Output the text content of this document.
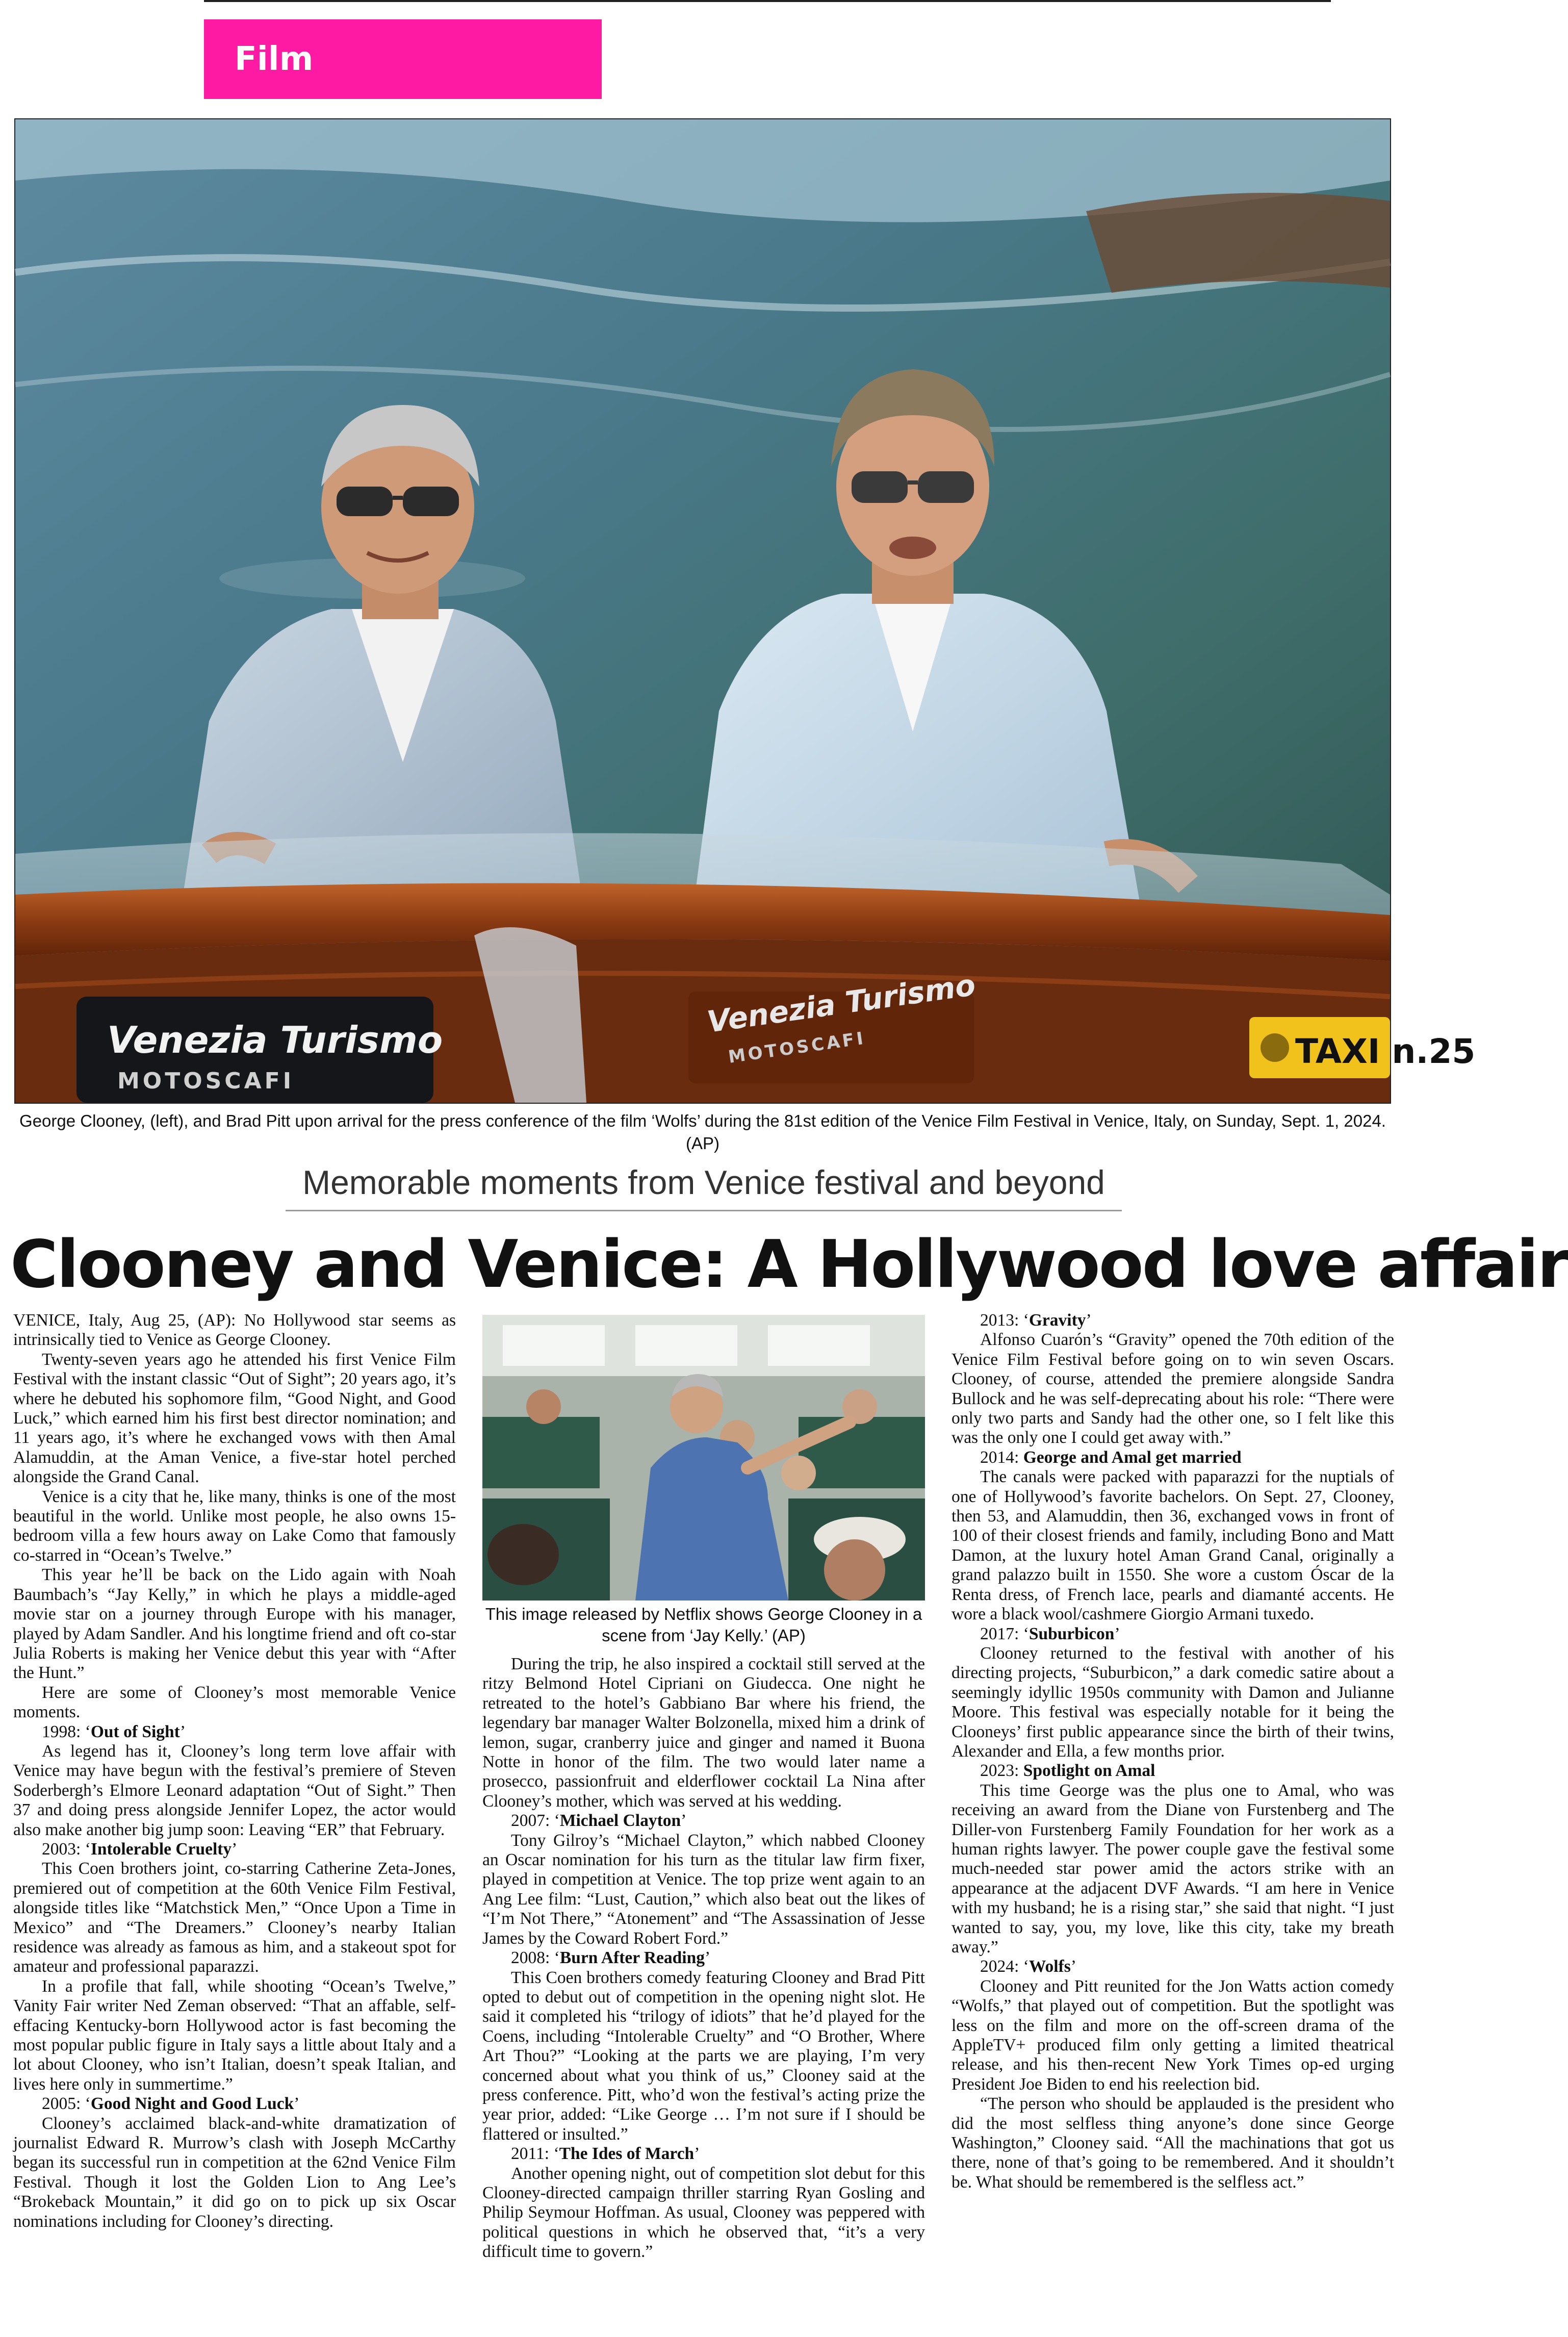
Film
Venezia Turismo
MOTOSCAFI
Venezia Turismo
MOTOSCAFI	TAXI n.25
George Clooney, (left), and Brad Pitt upon arrival for the press conference of the film ‘Wolfs’ during the 81st edition of the Venice Film Festival in Venice, Italy, on Sunday, Sept. 1, 2024. (AP)
Memorable moments from Venice festival and beyond
Clooney and Venice: A Hollywood love affair

VENICE, Italy, Aug 25, (AP): No Hollywood star seems as intrinsically tied to Venice as George Clooney.

Twenty-seven years ago he attended his first Venice Film Festival with the instant classic “Out of Sight”; 20 years ago, it’s where he debuted his sophomore film, “Good Night, and Good Luck,” which earned him his first best director nomination; and 11 years ago, it’s where he exchanged vows with then Amal Alamuddin, at the Aman Venice, a five-star hotel perched alongside the Grand Canal.

Venice is a city that he, like many, thinks is one of the most beautiful in the world. Unlike most people, he also owns 15-bedroom villa a few hours away on Lake Como that famously co-starred in “Ocean’s Twelve.”

This year he’ll be back on the Lido again with Noah Baumbach’s “Jay Kelly,” in which he plays a middle-aged movie star on a journey through Europe with his manager, played by Adam Sandler. And his longtime friend and oft co-star Julia Roberts is making her Venice debut this year with “After the Hunt.”

Here are some of Clooney’s most memorable Venice moments.

1998: ‘Out of Sight’

As legend has it, Clooney’s long term love affair with Venice may have begun with the festival’s premiere of Steven Soderbergh’s Elmore Leonard adaptation “Out of Sight.” Then 37 and doing press alongside Jennifer Lopez, the actor would also make another big jump soon: Leaving “ER” that February.

2003: ‘Intolerable Cruelty’

This Coen brothers joint, co-starring Catherine Zeta-Jones, premiered out of competition at the 60th Venice Film Festival, alongside titles like “Matchstick Men,” “Once Upon a Time in Mexico” and “The Dreamers.” Clooney’s nearby Italian residence was already as famous as him, and a stakeout spot for amateur and professional paparazzi.

In a profile that fall, while shooting “Ocean’s Twelve,” Vanity Fair writer Ned Zeman observed: “That an affable, self-effacing Kentucky-born Hollywood actor is fast becoming the most popular public figure in Italy says a little about Italy and a lot about Clooney, who isn’t Italian, doesn’t speak Italian, and lives here only in summertime.”

2005: ‘Good Night and Good Luck’

Clooney’s acclaimed black-and-white dramatization of journalist Edward R. Murrow’s clash with Joseph McCarthy began its successful run in competition at the 62nd Venice Film Festival. Though it lost the Golden Lion to Ang Lee’s “Brokeback Mountain,” it did go on to pick up six Oscar nominations including for Clooney’s directing.

This image released by Netflix shows George Clooney in a scene from ‘Jay Kelly.’ (AP)

During the trip, he also inspired a cocktail still served at the ritzy Belmond Hotel Cipriani on Giudecca. One night he retreated to the hotel’s Gabbiano Bar where his friend, the legendary bar manager Walter Bolzonella, mixed him a drink of lemon, sugar, cranberry juice and ginger and named it Buona Notte in honor of the film. The two would later name a prosecco, passionfruit and elderflower cocktail La Nina after Clooney’s mother, which was served at his wedding.

2007: ‘Michael Clayton’

Tony Gilroy’s “Michael Clayton,” which nabbed Clooney an Oscar nomination for his turn as the titular law firm fixer, played in competition at Venice. The top prize went again to an Ang Lee film: “Lust, Caution,” which also beat out the likes of “I’m Not There,” “Atonement” and “The Assassination of Jesse James by the Coward Robert Ford.”

2008: ‘Burn After Reading’

This Coen brothers comedy featuring Clooney and Brad Pitt opted to debut out of competition in the opening night slot. He said it completed his “trilogy of idiots” that he’d played for the Coens, including “Intolerable Cruelty” and “O Brother, Where Art Thou?” “Looking at the parts we are playing, I’m very concerned about what you think of us,” Clooney said at the press conference. Pitt, who’d won the festival’s acting prize the year prior, added: “Like George … I’m not sure if I should be flattered or insulted.”

2011: ‘The Ides of March’

Another opening night, out of competition slot debut for this Clooney-directed campaign thriller starring Ryan Gosling and Philip Seymour Hoffman. As usual, Clooney was peppered with political questions in which he observed that, “it’s a very difficult time to govern.”

2013: ‘Gravity’

Alfonso Cuarón’s “Gravity” opened the 70th edition of the Venice Film Festival before going on to win seven Oscars. Clooney, of course, attended the premiere alongside Sandra Bullock and he was self-deprecating about his role: “There were only two parts and Sandy had the other one, so I felt like this was the only one I could get away with.”

2014: George and Amal get married

The canals were packed with paparazzi for the nuptials of one of Hollywood’s favorite bachelors. On Sept. 27, Clooney, then 53, and Alamuddin, then 36, exchanged vows in front of 100 of their closest friends and family, including Bono and Matt Damon, at the luxury hotel Aman Grand Canal, originally a grand palazzo built in 1550. She wore a custom Óscar de la Renta dress, of French lace, pearls and diamanté accents. He wore a black wool/cashmere Giorgio Armani tuxedo.

2017: ‘Suburbicon’

Clooney returned to the festival with another of his directing projects, “Suburbicon,” a dark comedic satire about a seemingly idyllic 1950s community with Damon and Julianne Moore. This festival was especially notable for it being the Clooneys’ first public appearance since the birth of their twins, Alexander and Ella, a few months prior.

2023: Spotlight on Amal

This time George was the plus one to Amal, who was receiving an award from the Diane von Furstenberg and The Diller-von Furstenberg Family Foundation for her work as a human rights lawyer. The power couple gave the festival some much-needed star power amid the actors strike with an appearance at the adjacent DVF Awards. “I am here in Venice with my husband; he is a rising star,” she said that night. “I just wanted to say, you, my love, like this city, take my breath away.”

2024: ‘Wolfs’

Clooney and Pitt reunited for the Jon Watts action comedy “Wolfs,” that played out of competition. But the spotlight was less on the film and more on the off-screen drama of the AppleTV+ produced film only getting a limited theatrical release, and his then-recent New York Times op-ed urging President Joe Biden to end his reelection bid.

“The person who should be applauded is the president who did the most selfless thing anyone’s done since George Washington,” Clooney said. “All the machinations that got us there, none of that’s going to be remembered. And it shouldn’t be. What should be remembered is the selfless act.”
